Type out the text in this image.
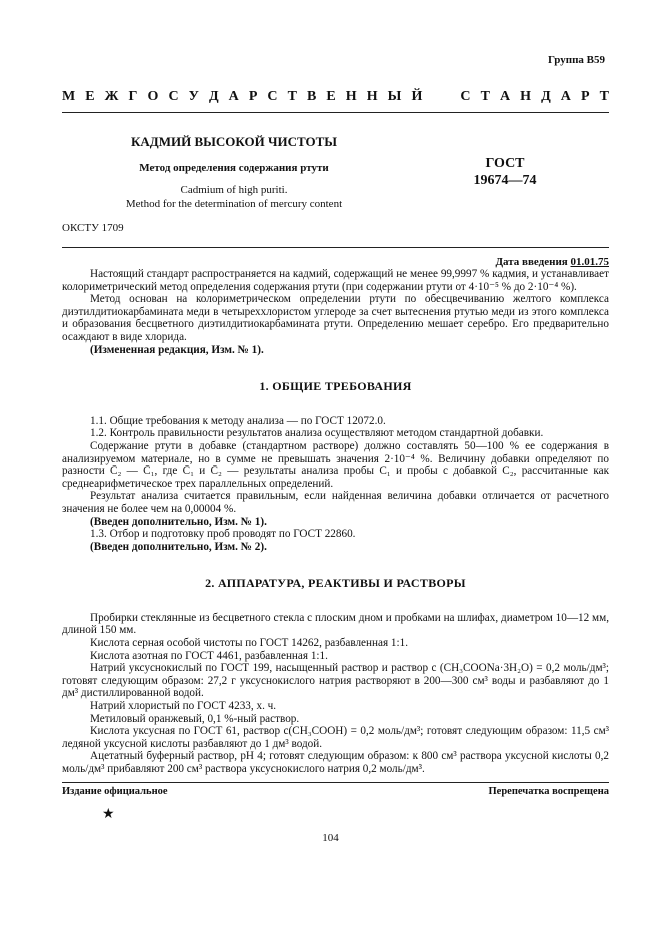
Группа В59
М Е Ж Г О С У Д А Р С Т В Е Н Н Ы Й	С Т А Н Д А Р Т
КАДМИЙ ВЫСОКОЙ ЧИСТОТЫ
Метод определения содержания ртути
Cadmium of high puriti.
Method for the determination of mercury content
ГОСТ
19674—74
ОКСТУ 1709
Дата введения 01.01.75

Настоящий стандарт распространяется на кадмий, содержащий не менее 99,9997 % кадмия, и устанавливает колориметрический метод определения содержания ртути (при содержании ртути от 4·10⁻⁵ % до 2·10⁻⁴ %).

Метод основан на колориметрическом определении ртути по обесцвечиванию желтого комплекса диэтилдитиокарбамината меди в четыреххлористом углероде за счет вытеснения ртутью меди из этого комплекса и образования бесцветного диэтилдитиокарбамината ртути. Определению мешает серебро. Его предварительно осаждают в виде хлорида.

(Измененная редакция, Изм. № 1).

1. ОБЩИЕ ТРЕБОВАНИЯ

1.1. Общие требования к методу анализа — по ГОСТ 12072.0.

1.2. Контроль правильности результатов анализа осуществляют методом стандартной добавки.

Содержание ртути в добавке (стандартном растворе) должно составлять 50—100 % ее содержания в анализируемом материале, но в сумме не превышать значения 2·10⁻⁴ %. Величину добавки определяют по разности C̄₂ — C̄₁, где C̄₁ и C̄₂ — результаты анализа пробы C₁ и пробы с добавкой C₂, рассчитанные как среднеарифметическое трех параллельных определений.

Результат анализа считается правильным, если найденная величина добавки отличается от расчетного значения не более чем на 0,00004 %.

(Введен дополнительно, Изм. № 1).

1.3. Отбор и подготовку проб проводят по ГОСТ 22860.

(Введен дополнительно, Изм. № 2).

2. АППАРАТУРА, РЕАКТИВЫ И РАСТВОРЫ

Пробирки стеклянные из бесцветного стекла с плоским дном и пробками на шлифах, диаметром 10—12 мм, длиной 150 мм.

Кислота серная особой чистоты по ГОСТ 14262, разбавленная 1:1.

Кислота азотная по ГОСТ 4461, разбавленная 1:1.

Натрий уксуснокислый по ГОСТ 199, насыщенный раствор и раствор c (CH₃COONa·3H₂O) = 0,2 моль/дм³; готовят следующим образом: 27,2 г уксуснокислого натрия растворяют в 200—300 см³ воды и разбавляют до 1 дм³ дистиллированной водой.

Натрий хлористый по ГОСТ 4233, х. ч.

Метиловый оранжевый, 0,1 %-ный раствор.

Кислота уксусная по ГОСТ 61, раствор c(CH₃COOH) = 0,2 моль/дм³; готовят следующим образом: 11,5 см³ ледяной уксусной кислоты разбавляют до 1 дм³ водой.

Ацетатный буферный раствор, pH 4; готовят следующим образом: к 800 см³ раствора уксусной кислоты 0,2 моль/дм³ прибавляют 200 см³ раствора уксуснокислого натрия 0,2 моль/дм³.

Издание официальное	Перепечатка воспрещена
★
104
